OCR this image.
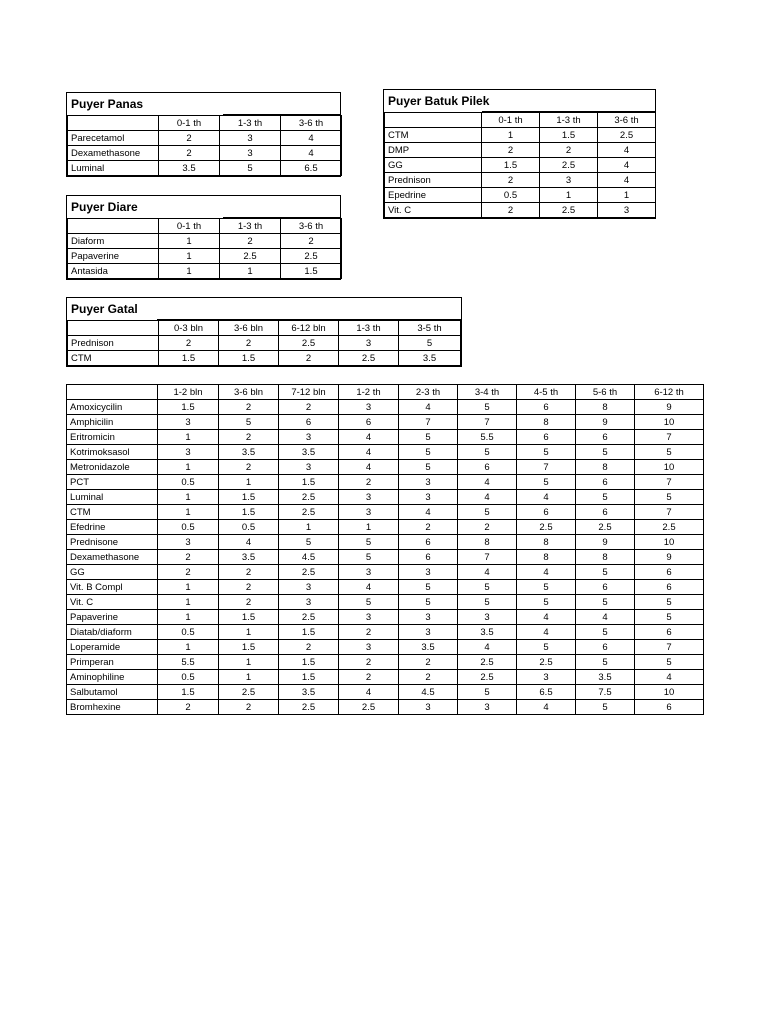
Puyer Panas
	0-1 th	1-3 th	3-6 th
Parecetamol	2	3	4
Dexamethasone	2	3	4
Luminal	3.5	5	6.5
Puyer Diare
	0-1 th	1-3 th	3-6 th
Diaform	1	2	2
Papaverine	1	2.5	2.5
Antasida	1	1	1.5
Puyer Batuk Pilek
	0-1 th	1-3 th	3-6 th
CTM	1	1.5	2.5
DMP	2	2	4
GG	1.5	2.5	4
Prednison	2	3	4
Epedrine	0.5	1	1
Vit. C	2	2.5	3
Puyer Gatal
	0-3 bln	3-6 bln	6-12 bln	1-3 th	3-5 th
Prednison	2	2	2.5	3	5
CTM	1.5	1.5	2	2.5	3.5
	1-2 bln	3-6 bln	7-12 bln	1-2 th	2-3 th	3-4 th	4-5 th	5-6 th	6-12 th
Amoxicycilin	1.5	2	2	3	4	5	6	8	9
Amphicilin	3	5	6	6	7	7	8	9	10
Eritromicin	1	2	3	4	5	5.5	6	6	7
Kotrimoksasol	3	3.5	3.5	4	5	5	5	5	5
Metronidazole	1	2	3	4	5	6	7	8	10
PCT	0.5	1	1.5	2	3	4	5	6	7
Luminal	1	1.5	2.5	3	3	4	4	5	5
CTM	1	1.5	2.5	3	4	5	6	6	7
Efedrine	0.5	0.5	1	1	2	2	2.5	2.5	2.5
Prednisone	3	4	5	5	6	8	8	9	10
Dexamethasone	2	3.5	4.5	5	6	7	8	8	9
GG	2	2	2.5	3	3	4	4	5	6
Vit. B Compl	1	2	3	4	5	5	5	6	6
Vit. C	1	2	3	5	5	5	5	5	5
Papaverine	1	1.5	2.5	3	3	3	4	4	5
Diatab/diaform	0.5	1	1.5	2	3	3.5	4	5	6
Loperamide	1	1.5	2	3	3.5	4	5	6	7
Primperan	5.5	1	1.5	2	2	2.5	2.5	5	5
Aminophiline	0.5	1	1.5	2	2	2.5	3	3.5	4
Salbutamol	1.5	2.5	3.5	4	4.5	5	6.5	7.5	10
Bromhexine	2	2	2.5	2.5	3	3	4	5	6
